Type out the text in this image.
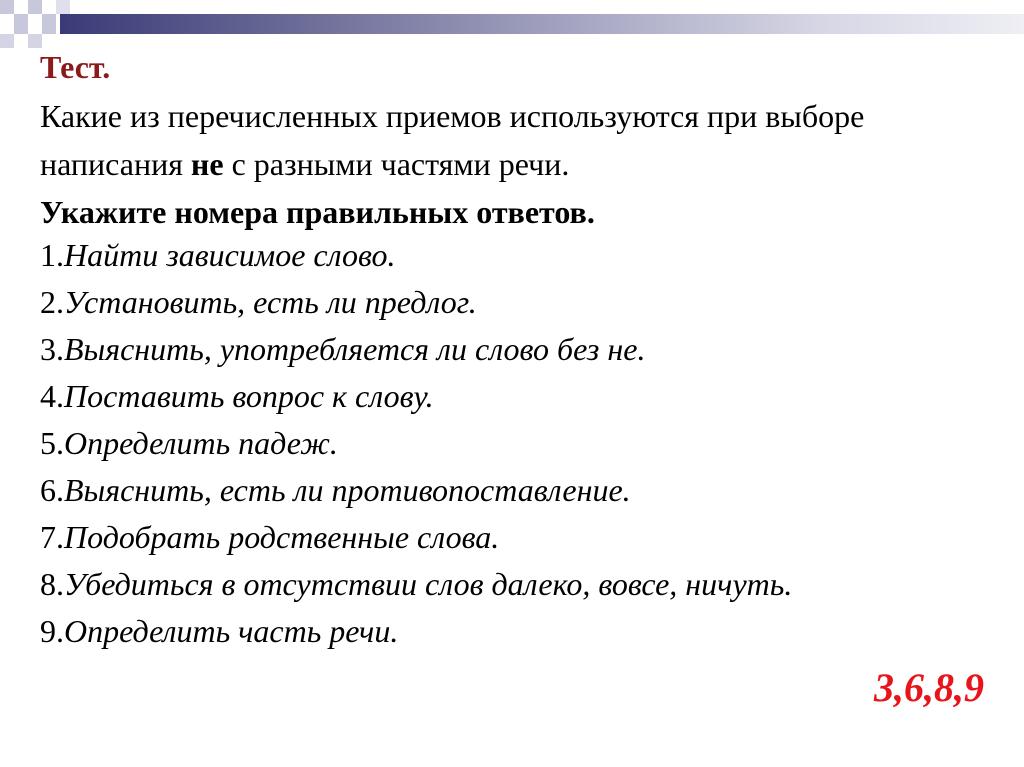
Тест.
Какие из перечисленных приемов используются при выборе написания не с разными частями речи.
Укажите номера правильных ответов.
1.Найти зависимое слово.
2.Установить, есть ли предлог.
3.Выяснить, употребляется ли слово без не.
4.Поставить вопрос к слову.
5.Определить падеж.
6.Выяснить, есть ли противопоставление.
7.Подобрать родственные слова.
8.Убедиться в отсутствии слов далеко, вовсе, ничуть.
9.Определить часть речи.
3,6,8,9
